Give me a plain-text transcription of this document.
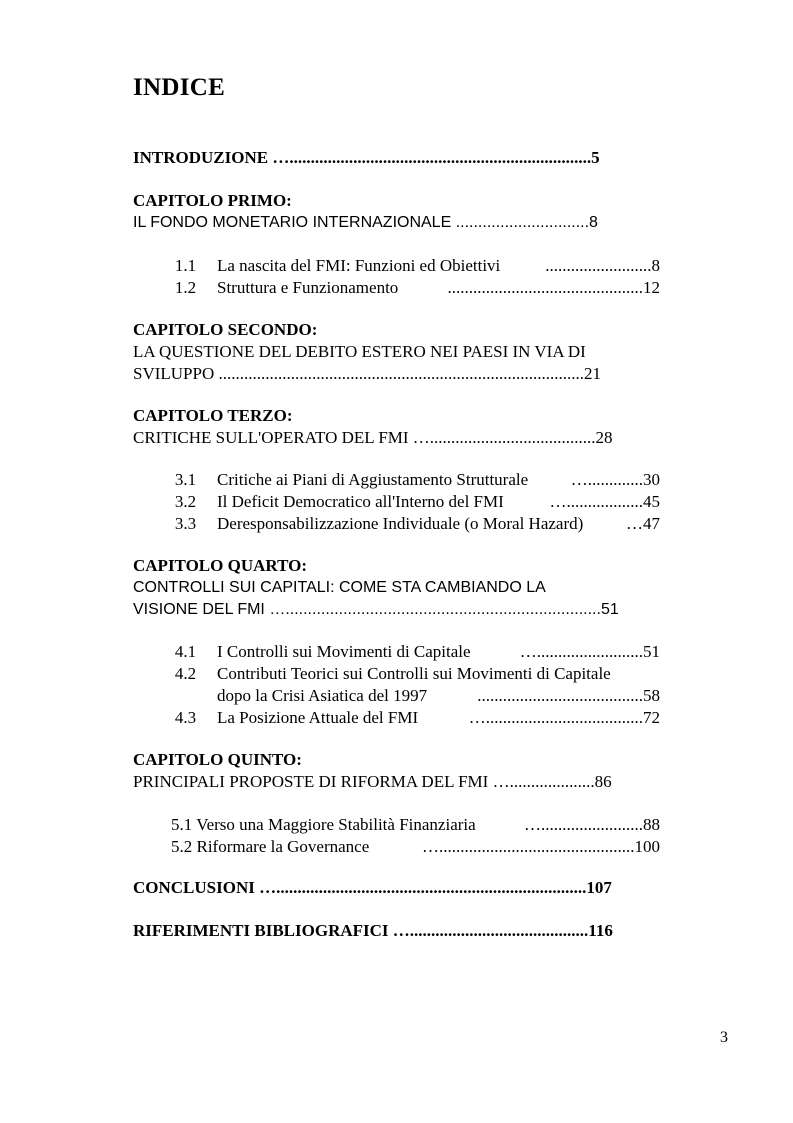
INDICE
INTRODUZIONE ….......................................................................5
CAPITOLO PRIMO:
IL FONDO MONETARIO INTERNAZIONALE ..............................8
1.1 La nascita del FMI: Funzioni ed Obiettivi	.........................8
1.2 Struttura e Funzionamento	..............................................12
CAPITOLO SECONDO:
LA QUESTIONE DEL DEBITO ESTERO NEI PAESI IN VIA DI
SVILUPPO ......................................................................................21
CAPITOLO TERZO:
CRITICHE SULL'OPERATO DEL FMI ….......................................28
3.1 Critiche ai Piani di Aggiustamento Strutturale	….............30
3.2 Il Deficit Democratico all'Interno del FMI	…..................45
3.3 Deresponsabilizzazione Individuale (o Moral Hazard)	…47
CAPITOLO QUARTO:
CONTROLLI SUI CAPITALI: COME STA CAMBIANDO LA
VISIONE DEL FMI ….......................................................................51
4.1 I Controlli sui Movimenti di Capitale	….........................51
4.2 Contributi Teorici sui Controlli sui Movimenti di Capitale
dopo la Crisi Asiatica del 1997	.......................................58
4.3 La Posizione Attuale del FMI	….....................................72
CAPITOLO QUINTO:
PRINCIPALI PROPOSTE DI RIFORMA DEL FMI …....................86
5.1 Verso una Maggiore Stabilità Finanziaria	…........................88
5.2 Riformare la Governance	…..............................................100
CONCLUSIONI ….........................................................................107
RIFERIMENTI BIBLIOGRAFICI …..........................................116
3
